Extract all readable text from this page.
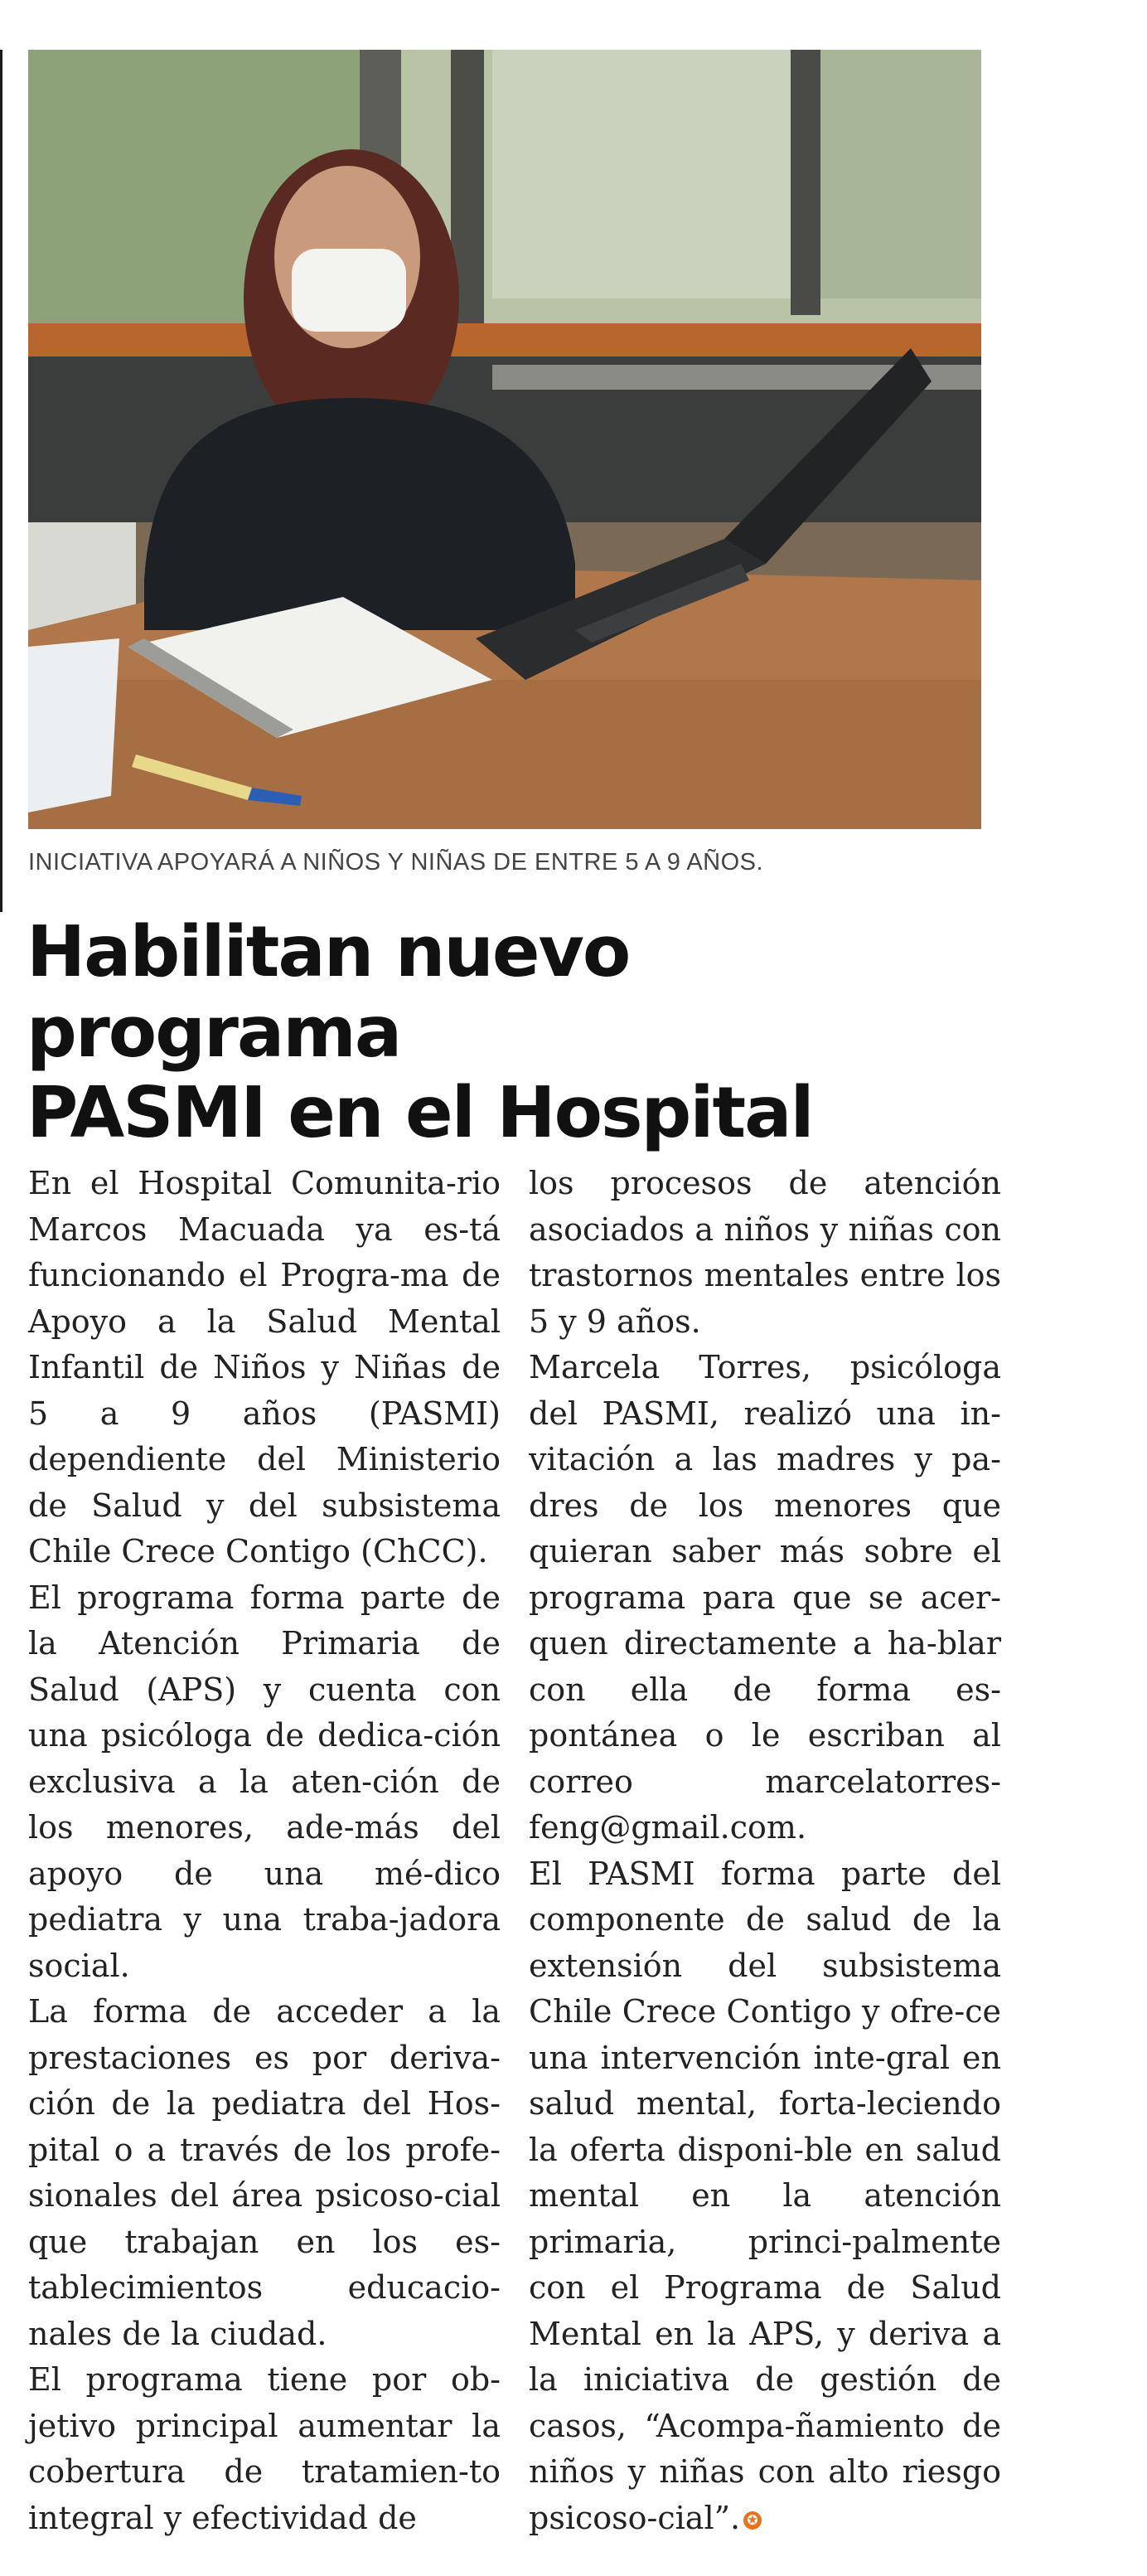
INICIATIVA APOYARÁ A NIÑOS Y NIÑAS DE ENTRE 5 A 9 AÑOS.
Habilitan nuevo programa
PASMI en el Hospital

En el Hospital Comunita-rio Marcos Macuada ya es-tá funcionando el Progra-ma de Apoyo a la Salud Mental Infantil de Niños y Niñas de 5 a 9 años (PASMI) dependiente del Ministerio de Salud y del subsistema Chile Crece Contigo (ChCC).

El programa forma parte de la Atención Primaria de Salud (APS) y cuenta con una psicóloga de dedica-ción exclusiva a la aten-ción de los menores, ade-más del apoyo de una mé-dico pediatra y una traba-jadora social.

La forma de acceder a la prestaciones es por deriva-ción de la pediatra del Hos-pital o a través de los profe-sionales del área psicoso-cial que trabajan en los es-tablecimientos educacio-nales de la ciudad.

El programa tiene por ob-jetivo principal aumentar la cobertura de tratamien-to integral y efectividad de

los procesos de atención asociados a niños y niñas con trastornos mentales entre los 5 y 9 años.

Marcela Torres, psicóloga del PASMI, realizó una in-vitación a las madres y pa-dres de los menores que quieran saber más sobre el programa para que se acer-quen directamente a ha-blar con ella de forma es-pontánea o le escriban al correo marcelatorres-feng@gmail.com.

El PASMI forma parte del componente de salud de la extensión del subsistema Chile Crece Contigo y ofre-ce una intervención inte-gral en salud mental, forta-leciendo la oferta disponi-ble en salud mental en la atención primaria, princi-palmente con el Programa de Salud Mental en la APS, y deriva a la iniciativa de gestión de casos, “Acompa-ñamiento de niños y niñas con alto riesgo psicoso-cial”. ✪
